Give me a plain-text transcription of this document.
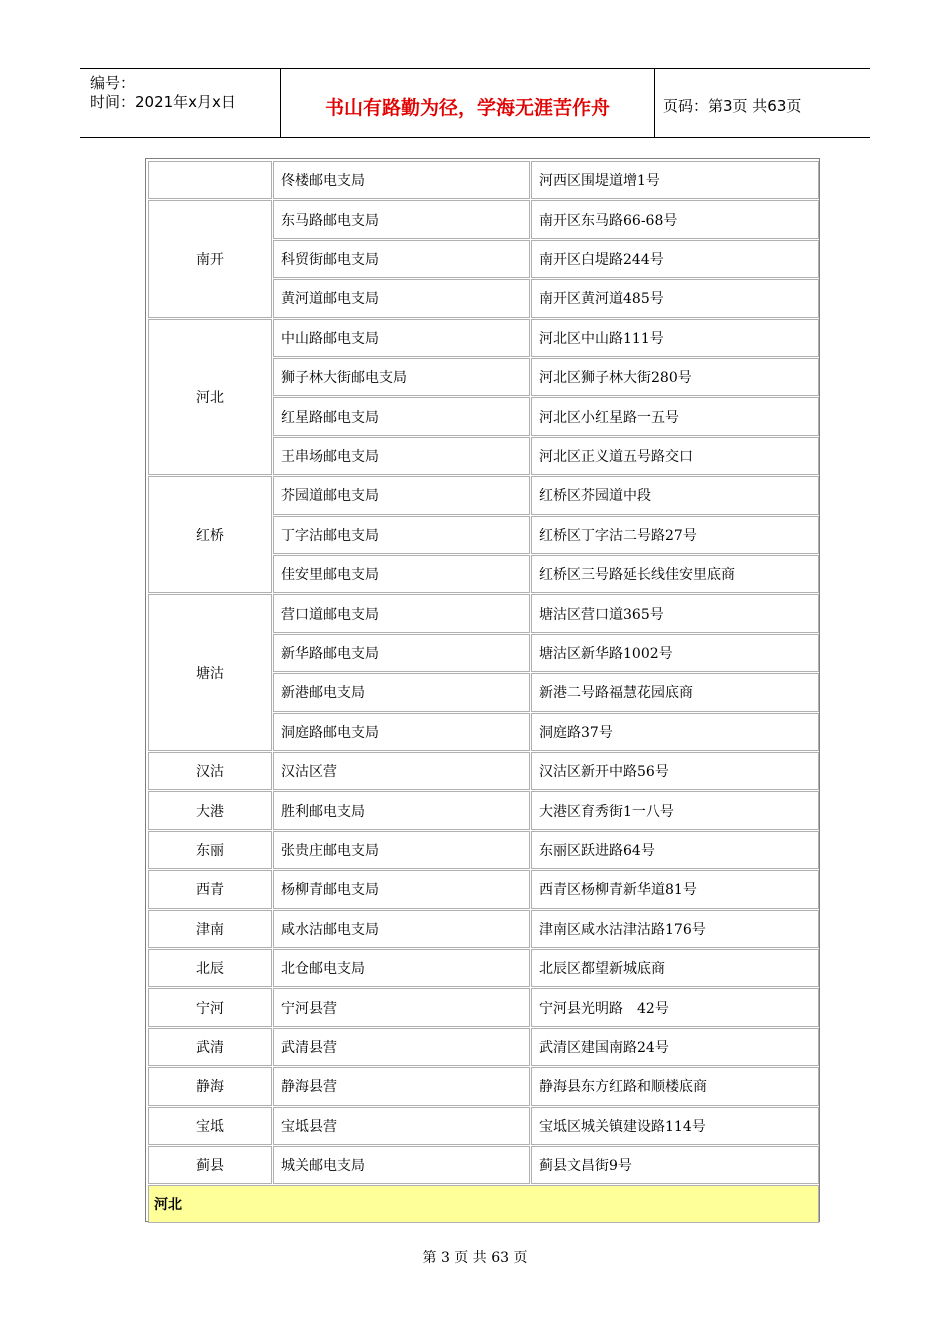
编号：
时间：2021年x月x日	书山有路勤为径，学海无涯苦作舟	页码：第3页 共63页
佟楼邮电支局	河西区围堤道增1号
南开
东马路邮电支局	南开区东马路66-68号
科贸街邮电支局	南开区白堤路244号
黄河道邮电支局	南开区黄河道485号
河北
中山路邮电支局	河北区中山路111号
狮子林大街邮电支局	河北区狮子林大街280号
红星路邮电支局	河北区小红星路一五号
王串场邮电支局	河北区正义道五号路交口
红桥
芥园道邮电支局	红桥区芥园道中段
丁字沽邮电支局	红桥区丁字沽二号路27号
佳安里邮电支局	红桥区三号路延长线佳安里底商
塘沽
营口道邮电支局	塘沽区营口道365号
新华路邮电支局	塘沽区新华路1002号
新港邮电支局	新港二号路福慧花园底商
洞庭路邮电支局	洞庭路37号
汉沽	汉沽区营	汉沽区新开中路56号
大港	胜利邮电支局	大港区育秀街1一八号
东丽	张贵庄邮电支局	东丽区跃进路64号
西青	杨柳青邮电支局	西青区杨柳青新华道81号
津南	咸水沽邮电支局	津南区咸水沽津沽路176号
北辰	北仓邮电支局	北辰区都望新城底商
宁河	宁河县营	宁河县光明路　42号
武清	武清县营	武清区建国南路24号
静海	静海县营	静海县东方红路和顺楼底商
宝坻	宝坻县营	宝坻区城关镇建设路114号
蓟县	城关邮电支局	蓟县文昌街9号
河北
第 3 页 共 63 页
